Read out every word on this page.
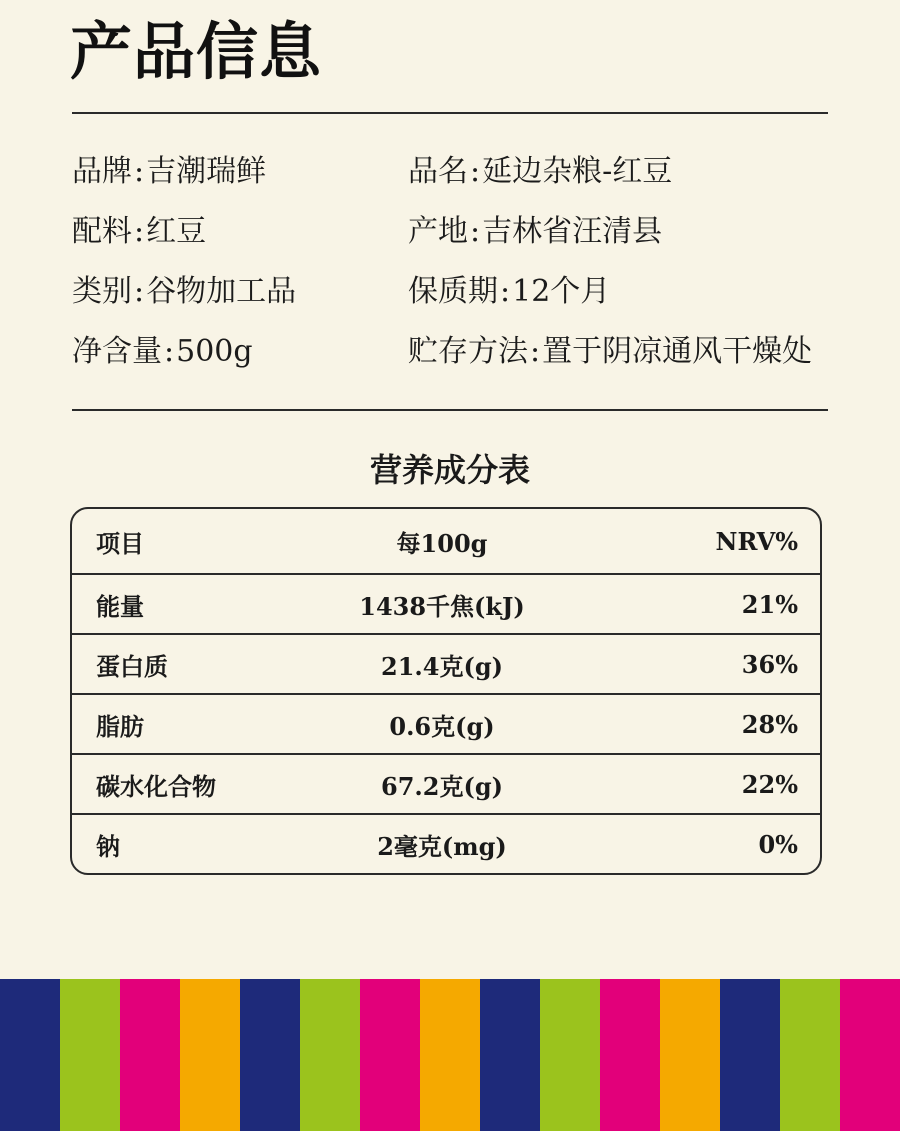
产品信息
品牌:吉潮瑞鲜	品名:延边杂粮-红豆
配料:红豆	产地:吉林省汪清县
类别:谷物加工品	保质期:12个月
净含量:500g	贮存方法:置于阴凉通风干燥处
营养成分表
项目	每100g	NRV%
能量	1438千焦(kJ)	21%
蛋白质	21.4克(g)	36%
脂肪	0.6克(g)	28%
碳水化合物	67.2克(g)	22%
钠	2毫克(mg)	0%
